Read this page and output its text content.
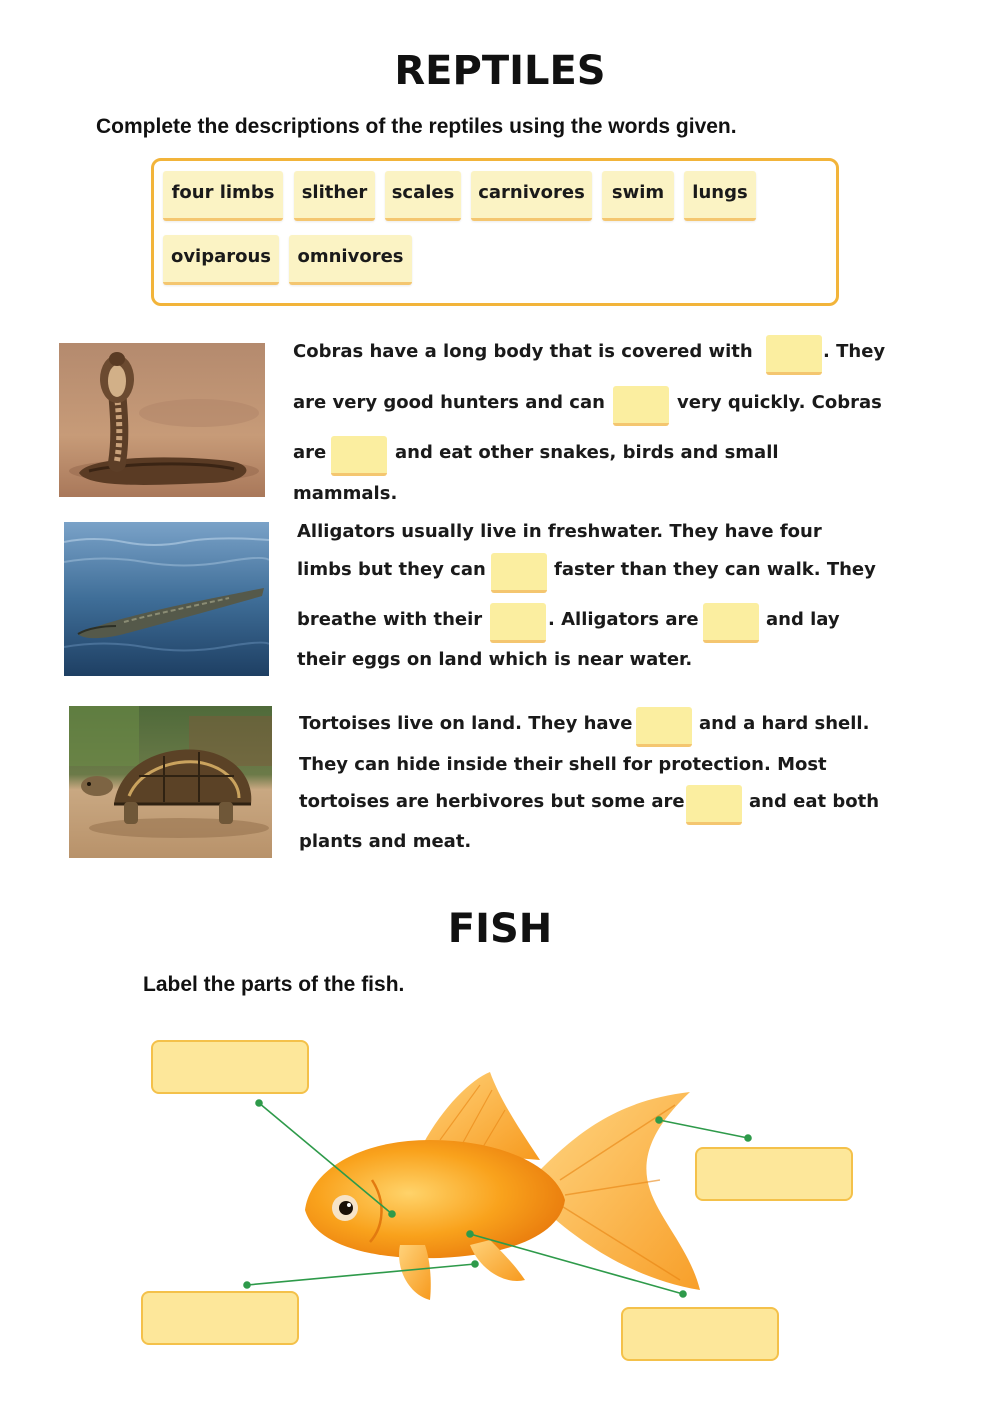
REPTILES
Complete the descriptions of the reptiles using the words given.
four limbs	slither	scales	carnivores	swim	lungs
oviparous	omnivores
Cobras have a long body that is covered with	. They
are very good hunters and can	very quickly. Cobras
are	and eat other snakes, birds and small
mammals.
Alligators usually live in freshwater. They have four
limbs but they can	faster than they can walk. They
breathe with their	. Alligators are	and lay
their eggs on land which is near water.
Tortoises live on land. They have	and a hard shell.
They can hide inside their shell for protection. Most
tortoises are herbivores but some are	and eat both
plants and meat.
FISH
Label the parts of the fish.
